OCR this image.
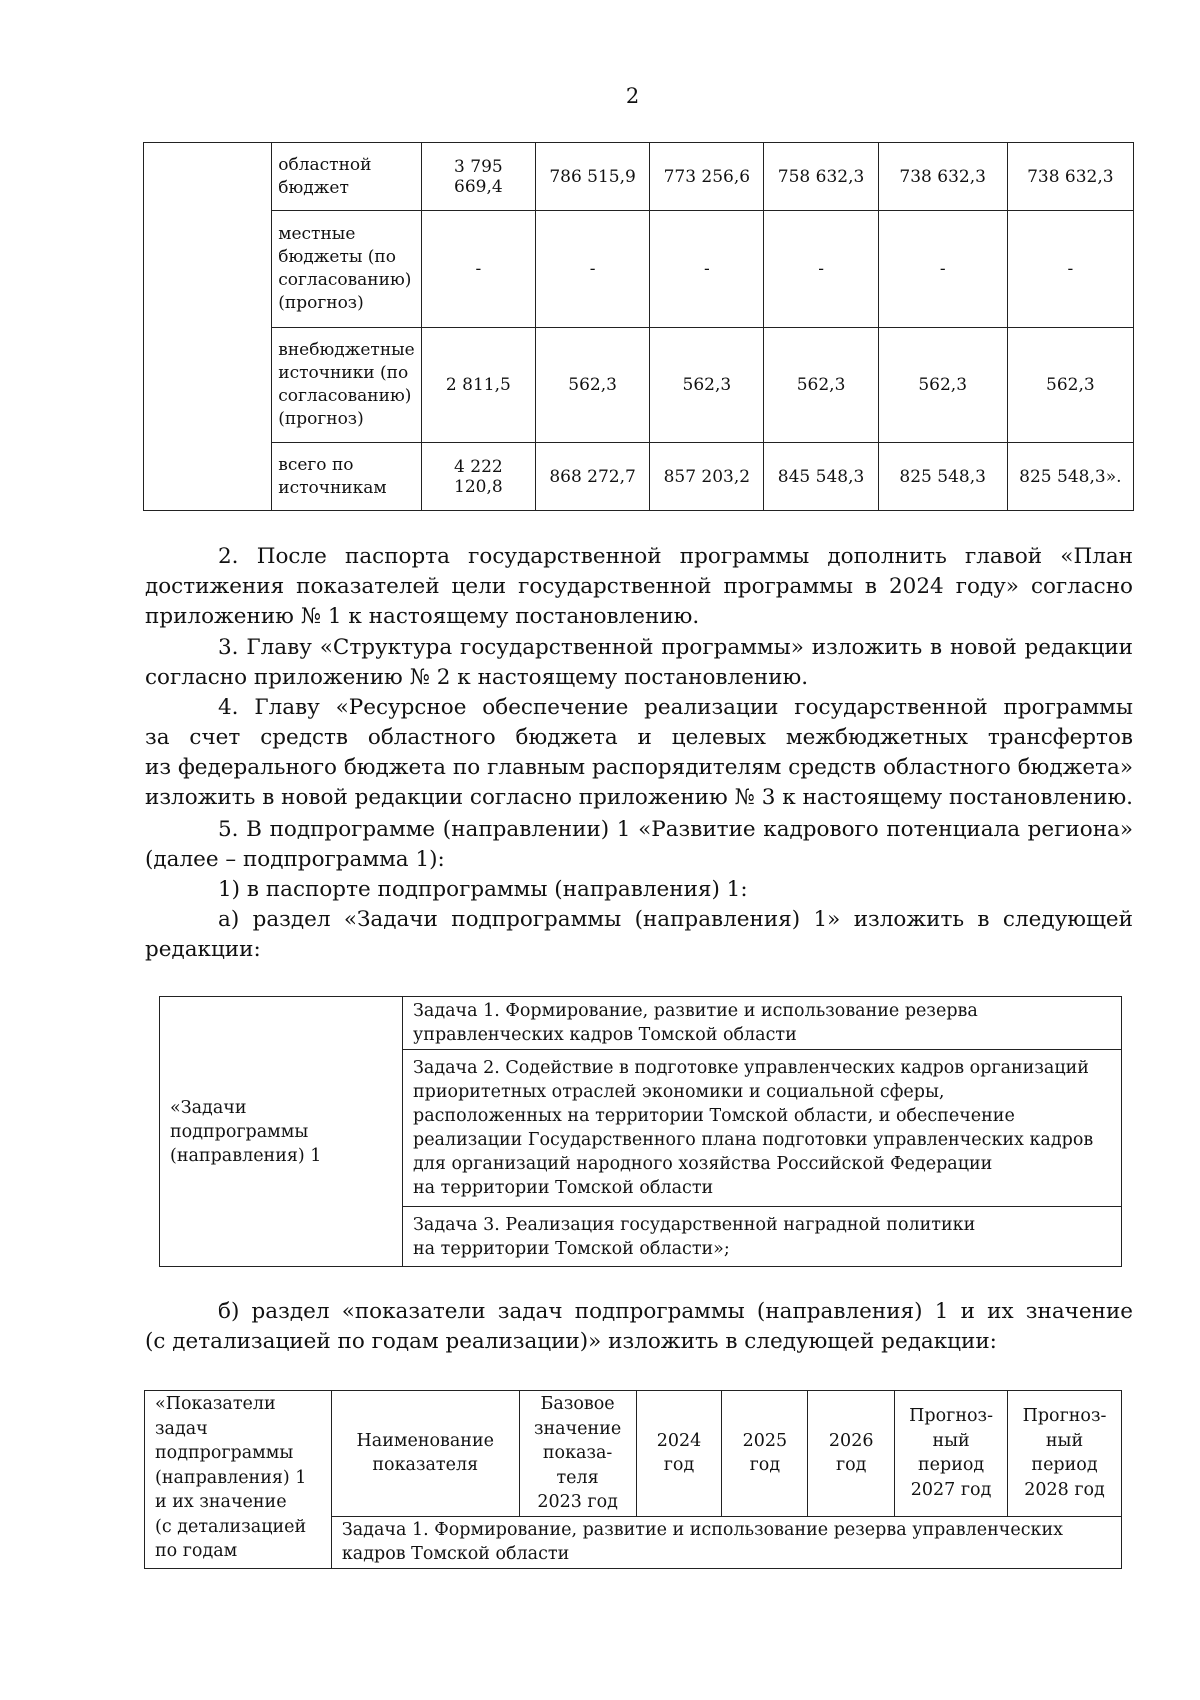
2
	областной
бюджет	3 795 669,4	786 515,9	773 256,6	758 632,3	738 632,3	738 632,3
	местные
бюджеты (по
согласованию)
(прогноз)	-	-	-	-	-	-
	внебюджетные
источники (по
согласованию)
(прогноз)	2 811,5	562,3	562,3	562,3	562,3	562,3
	всего по
источникам	4 222 120,8	868 272,7	857 203,2	845 548,3	825 548,3	825 548,3».
2. После паспорта государственной программы дополнить главой «План
достижения показателей цели государственной программы в 2024 году» согласно
приложению № 1 к настоящему постановлению.
3. Главу «Структура государственной программы» изложить в новой редакции
согласно приложению № 2 к настоящему постановлению.
4. Главу «Ресурсное обеспечение реализации государственной программы
за счет средств областного бюджета и целевых межбюджетных трансфертов
из федерального бюджета по главным распорядителям средств областного бюджета»
изложить в новой редакции согласно приложению № 3 к настоящему постановлению.
5. В подпрограмме (направлении) 1 «Развитие кадрового потенциала региона»
(далее – подпрограмма 1):
1) в паспорте подпрограммы (направления) 1:
а) раздел «Задачи подпрограммы (направления) 1» изложить в следующей
редакции:
«Задачи
подпрограммы
(направления) 1	Задача 1. Формирование, развитие и использование резерва
управленческих кадров Томской области
Задача 2. Содействие в подготовке управленческих кадров организаций
приоритетных отраслей экономики и социальной сферы,
расположенных на территории Томской области, и обеспечение
реализации Государственного плана подготовки управленческих кадров
для организаций народного хозяйства Российской Федерации
на территории Томской области
Задача 3. Реализация государственной наградной политики
на территории Томской области»;
б) раздел «показатели задач подпрограммы (направления) 1 и их значение
(с детализацией по годам реализации)» изложить в следующей редакции:
«Показатели
задач
подпрограммы
(направления) 1
и их значение
(с детализацией
по годам	Наименование
показателя	Базовое
значение
показа-
теля
2023 год	2024
год	2025
год	2026
год	Прогноз-
ный
период
2027 год	Прогноз-
ный
период
2028 год
Задача 1. Формирование, развитие и использование резерва управленческих
кадров Томской области
